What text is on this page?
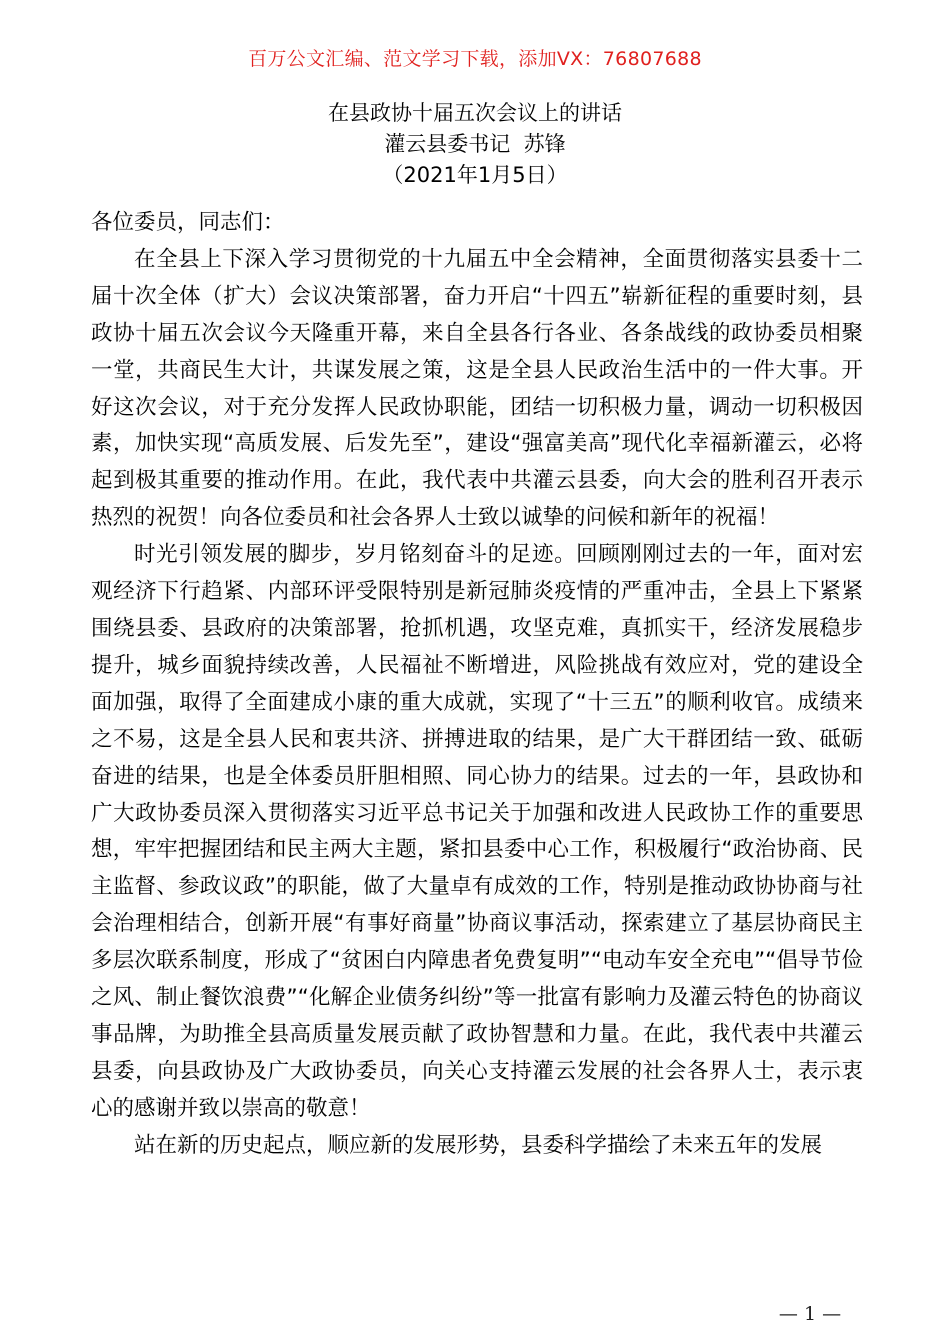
百万公文汇编、范文学习下载，添加VX：76807688
在县政协十届五次会议上的讲话
灌云县委书记  苏锋
（2021年1月5日）

各位委员，同志们：

在全县上下深入学习贯彻党的十九届五中全会精神，全面贯彻落实县委十二届十次全体（扩大）会议决策部署，奋力开启“十四五”崭新征程的重要时刻，县政协十届五次会议今天隆重开幕，来自全县各行各业、各条战线的政协委员相聚一堂，共商民生大计，共谋发展之策，这是全县人民政治生活中的一件大事。开好这次会议，对于充分发挥人民政协职能，团结一切积极力量，调动一切积极因素，加快实现“高质发展、后发先至”，建设“强富美高”现代化幸福新灌云，必将起到极其重要的推动作用。在此，我代表中共灌云县委，向大会的胜利召开表示热烈的祝贺！向各位委员和社会各界人士致以诚挚的问候和新年的祝福！

时光引领发展的脚步，岁月铭刻奋斗的足迹。回顾刚刚过去的一年，面对宏观经济下行趋紧、内部环评受限特别是新冠肺炎疫情的严重冲击，全县上下紧紧围绕县委、县政府的决策部署，抢抓机遇，攻坚克难，真抓实干，经济发展稳步提升，城乡面貌持续改善，人民福祉不断增进，风险挑战有效应对，党的建设全面加强，取得了全面建成小康的重大成就，实现了“十三五”的顺利收官。成绩来之不易，这是全县人民和衷共济、拼搏进取的结果，是广大干群团结一致、砥砺奋进的结果，也是全体委员肝胆相照、同心协力的结果。过去的一年，县政协和广大政协委员深入贯彻落实习近平总书记关于加强和改进人民政协工作的重要思想，牢牢把握团结和民主两大主题，紧扣县委中心工作，积极履行“政治协商、民主监督、参政议政”的职能，做了大量卓有成效的工作，特别是推动政协协商与社会治理相结合，创新开展“有事好商量”协商议事活动，探索建立了基层协商民主多层次联系制度，形成了“贫困白内障患者免费复明”“电动车安全充电”“倡导节俭之风、制止餐饮浪费”“化解企业债务纠纷”等一批富有影响力及灌云特色的协商议事品牌，为助推全县高质量发展贡献了政协智慧和力量。在此，我代表中共灌云县委，向县政协及广大政协委员，向关心支持灌云发展的社会各界人士，表示衷心的感谢并致以崇高的敬意！

站在新的历史起点，顺应新的发展形势，县委科学描绘了未来五年的发展

— 1 —
